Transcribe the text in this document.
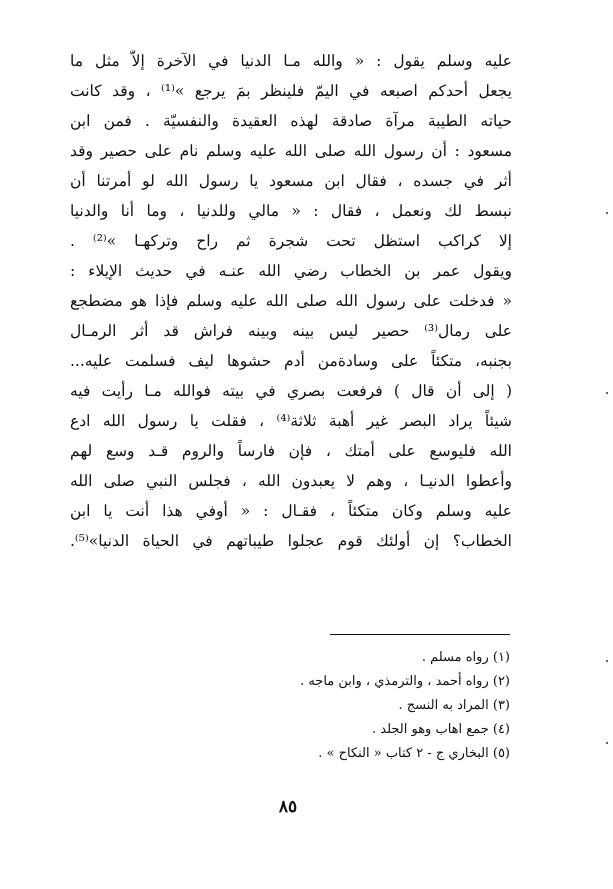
عليه وسلم يقول : « والله مـا الدنيا في الآخرة إلاّ مثل ما
يجعل أحدكم اصبعه في اليمّ فلينظر بمَ يرجع »⁽¹⁾ ، وقد كانت
حياته الطيبة مرآة صادقة لهذه العقيدة والنفسيّة . فمن ابن
مسعود : أن رسول الله صلى الله عليه وسلم نام على حصير وقد
أثر في جسده ، فقال ابن مسعود يا رسول الله لو أمرتنا أن
نبسط لك ونعمل ، فقال : « مالي وللدنيا ، وما أنا والدنيا
إلا كراكب استظل تحت شجرة ثم راح وتركهـا »⁽²⁾ .
ويقول عمر بن الخطاب رضي الله عنـه في حديث الإيلاء :
« فدخلت على رسول الله صلى الله عليه وسلم فإذا هو مضطجع
على رمال⁽³⁾ حصير ليس بينه وبينه فراش قد أثر الرمـال
بجنبه، متكئاً على وسادةمن أدم حشوها ليف فسلمت عليه...
( إلى أن قال ) فرفعت بصري في بيته فوالله مـا رأيت فيه
شيئاً يراد البصر غير أهبة ثلاثة⁽⁴⁾ ، فقلت يا رسول الله ادع
الله فليوسع على أمتك ، فإن فارساً والروم قـد وسع لهم
وأعطوا الدنيـا ، وهم لا يعبدون الله ، فجلس النبي صلى الله
عليه وسلم وكان متكئاً ، فقـال : « أوفي هذا أنت يا ابن
الخطاب؟ إن أولئك قوم عجلوا طيباتهم في الحياة الدنيا»⁽⁵⁾.
(١) رواه مسلم .
(٢) رواه أحمد ، والترمذي ، وابن ماجه .
(٣) المراد به النسج .
(٤) جمع اهاب وهو الجلد .
(٥) البخاري ج - ٢ كتاب « النكاح » .
٨٥
